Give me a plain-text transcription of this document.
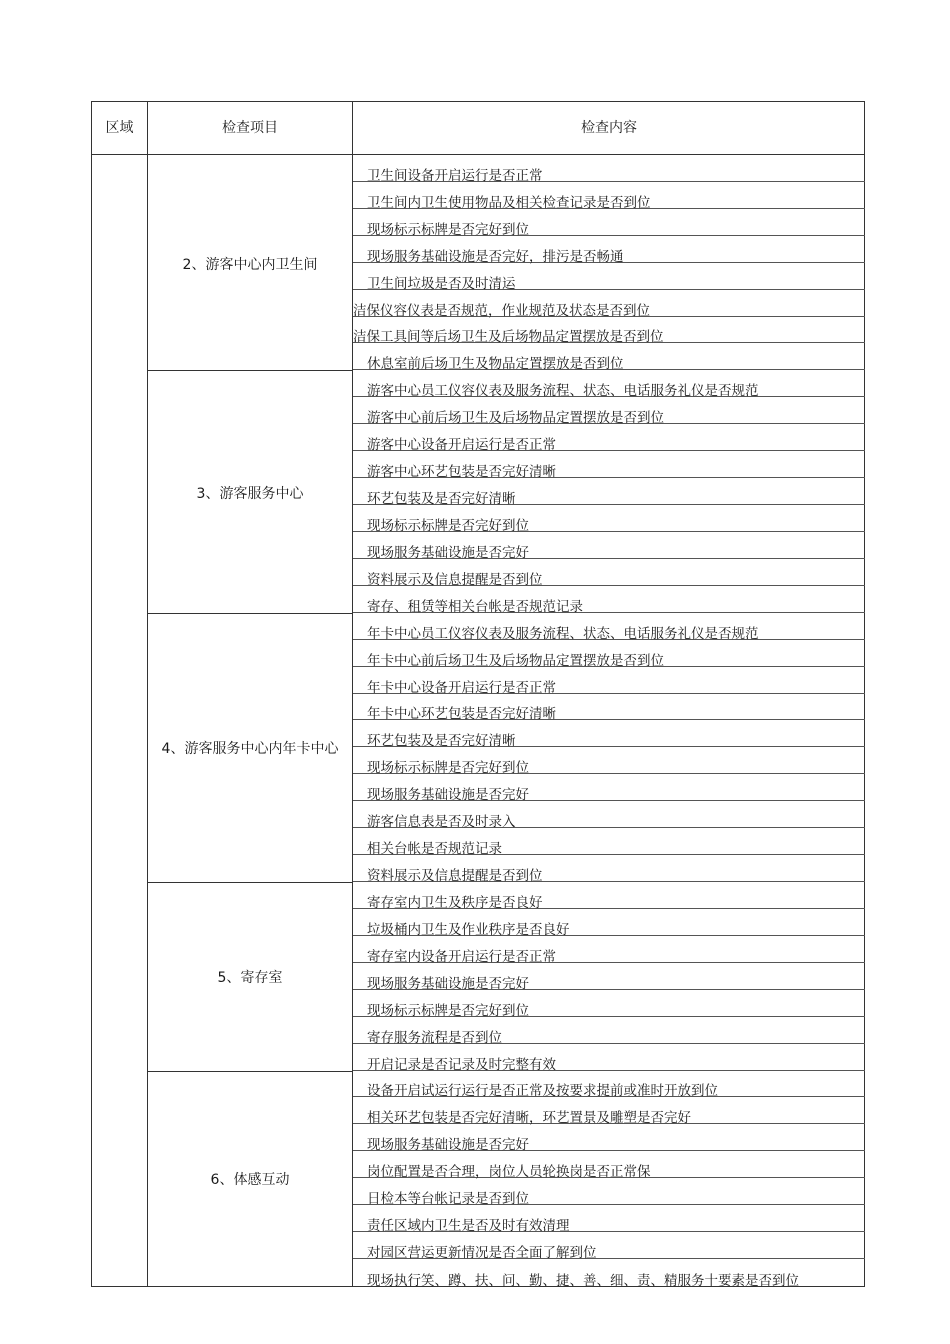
区域	检查项目	检查内容
2、游客中心内卫生间
卫生间设备开启运行是否正常
卫生间内卫生使用物品及相关检查记录是否到位
现场标示标牌是否完好到位
现场服务基础设施是否完好，排污是否畅通
卫生间垃圾是否及时清运
洁保仪容仪表是否规范，作业规范及状态是否到位
洁保工具间等后场卫生及后场物品定置摆放是否到位
休息室前后场卫生及物品定置摆放是否到位
3、游客服务中心
游客中心员工仪容仪表及服务流程、状态、电话服务礼仪是否规范
游客中心前后场卫生及后场物品定置摆放是否到位
游客中心设备开启运行是否正常
游客中心环艺包装是否完好清晰
环艺包装及是否完好清晰
现场标示标牌是否完好到位
现场服务基础设施是否完好
资料展示及信息提醒是否到位
寄存、租赁等相关台帐是否规范记录
4、游客服务中心内年卡中心
年卡中心员工仪容仪表及服务流程、状态、电话服务礼仪是否规范
年卡中心前后场卫生及后场物品定置摆放是否到位
年卡中心设备开启运行是否正常
年卡中心环艺包装是否完好清晰
环艺包装及是否完好清晰
现场标示标牌是否完好到位
现场服务基础设施是否完好
游客信息表是否及时录入
相关台帐是否规范记录
资料展示及信息提醒是否到位
5、寄存室
寄存室内卫生及秩序是否良好
垃圾桶内卫生及作业秩序是否良好
寄存室内设备开启运行是否正常
现场服务基础设施是否完好
现场标示标牌是否完好到位
寄存服务流程是否到位
开启记录是否记录及时完整有效
6、体感互动
设备开启试运行运行是否正常及按要求提前或准时开放到位
相关环艺包装是否完好清晰，环艺置景及雕塑是否完好
现场服务基础设施是否完好
岗位配置是否合理，岗位人员轮换岗是否正常保
日检本等台帐记录是否到位
责任区域内卫生是否及时有效清理
对园区营运更新情况是否全面了解到位
现场执行笑、蹲、扶、问、勤、捷、善、细、责、精服务十要素是否到位
